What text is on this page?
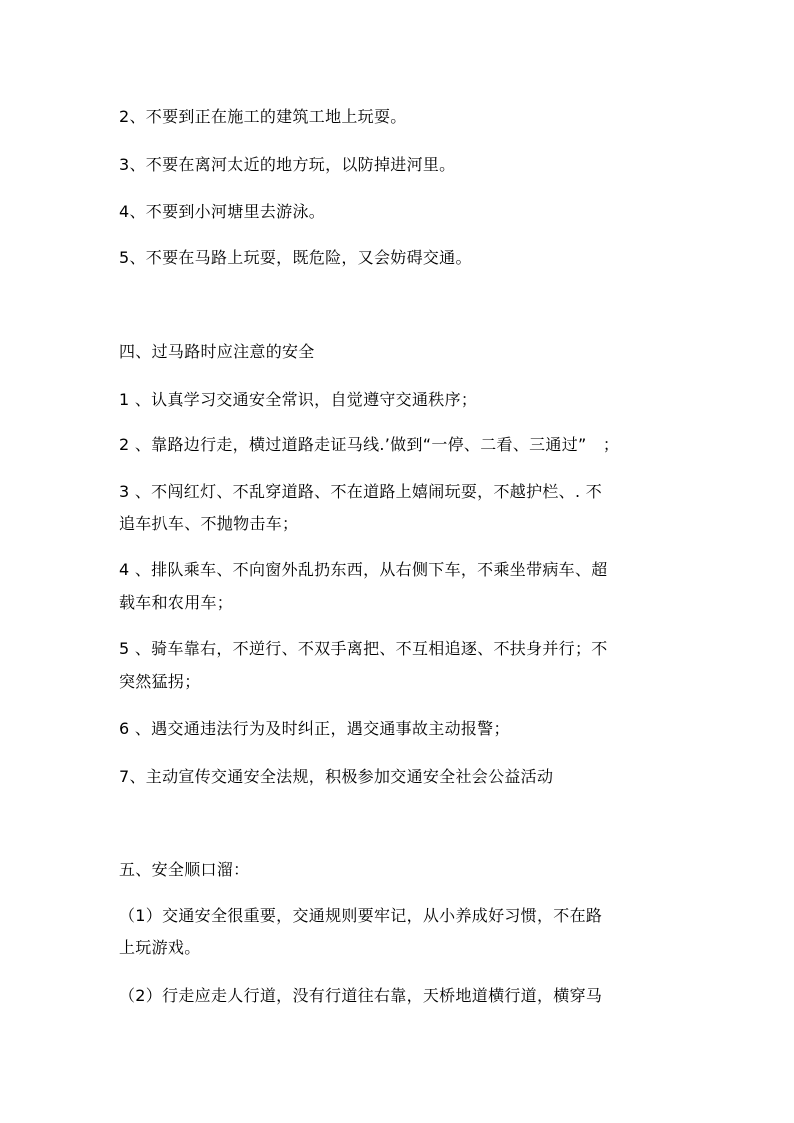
2、不要到正在施工的建筑工地上玩耍。
3、不要在离河太近的地方玩，以防掉进河里。
4、不要到小河塘里去游泳。
5、不要在马路上玩耍，既危险，又会妨碍交通。
四、过马路时应注意的安全
1 、认真学习交通安全常识，自觉遵守交通秩序；
2 、靠路边行走，横过道路走证马线.’做到“一停、二看、三通过”　；
3 、不闯红灯、不乱穿道路、不在道路上嬉闹玩耍，不越护栏、. 不
追车扒车、不抛物击车；
4 、排队乘车、不向窗外乱扔东西，从右侧下车，不乘坐带病车、超
载车和农用车；
5 、骑车靠右，不逆行、不双手离把、不互相追逐、不扶身并行；不
突然猛拐；
6 、遇交通违法行为及时纠正，遇交通事故主动报警；
7、主动宣传交通安全法规，积极参加交通安全社会公益活动
五、安全顺口溜：
（1）交通安全很重要，交通规则要牢记，从小养成好习惯，不在路
上玩游戏。
（2）行走应走人行道，没有行道往右靠，天桥地道横行道，横穿马
